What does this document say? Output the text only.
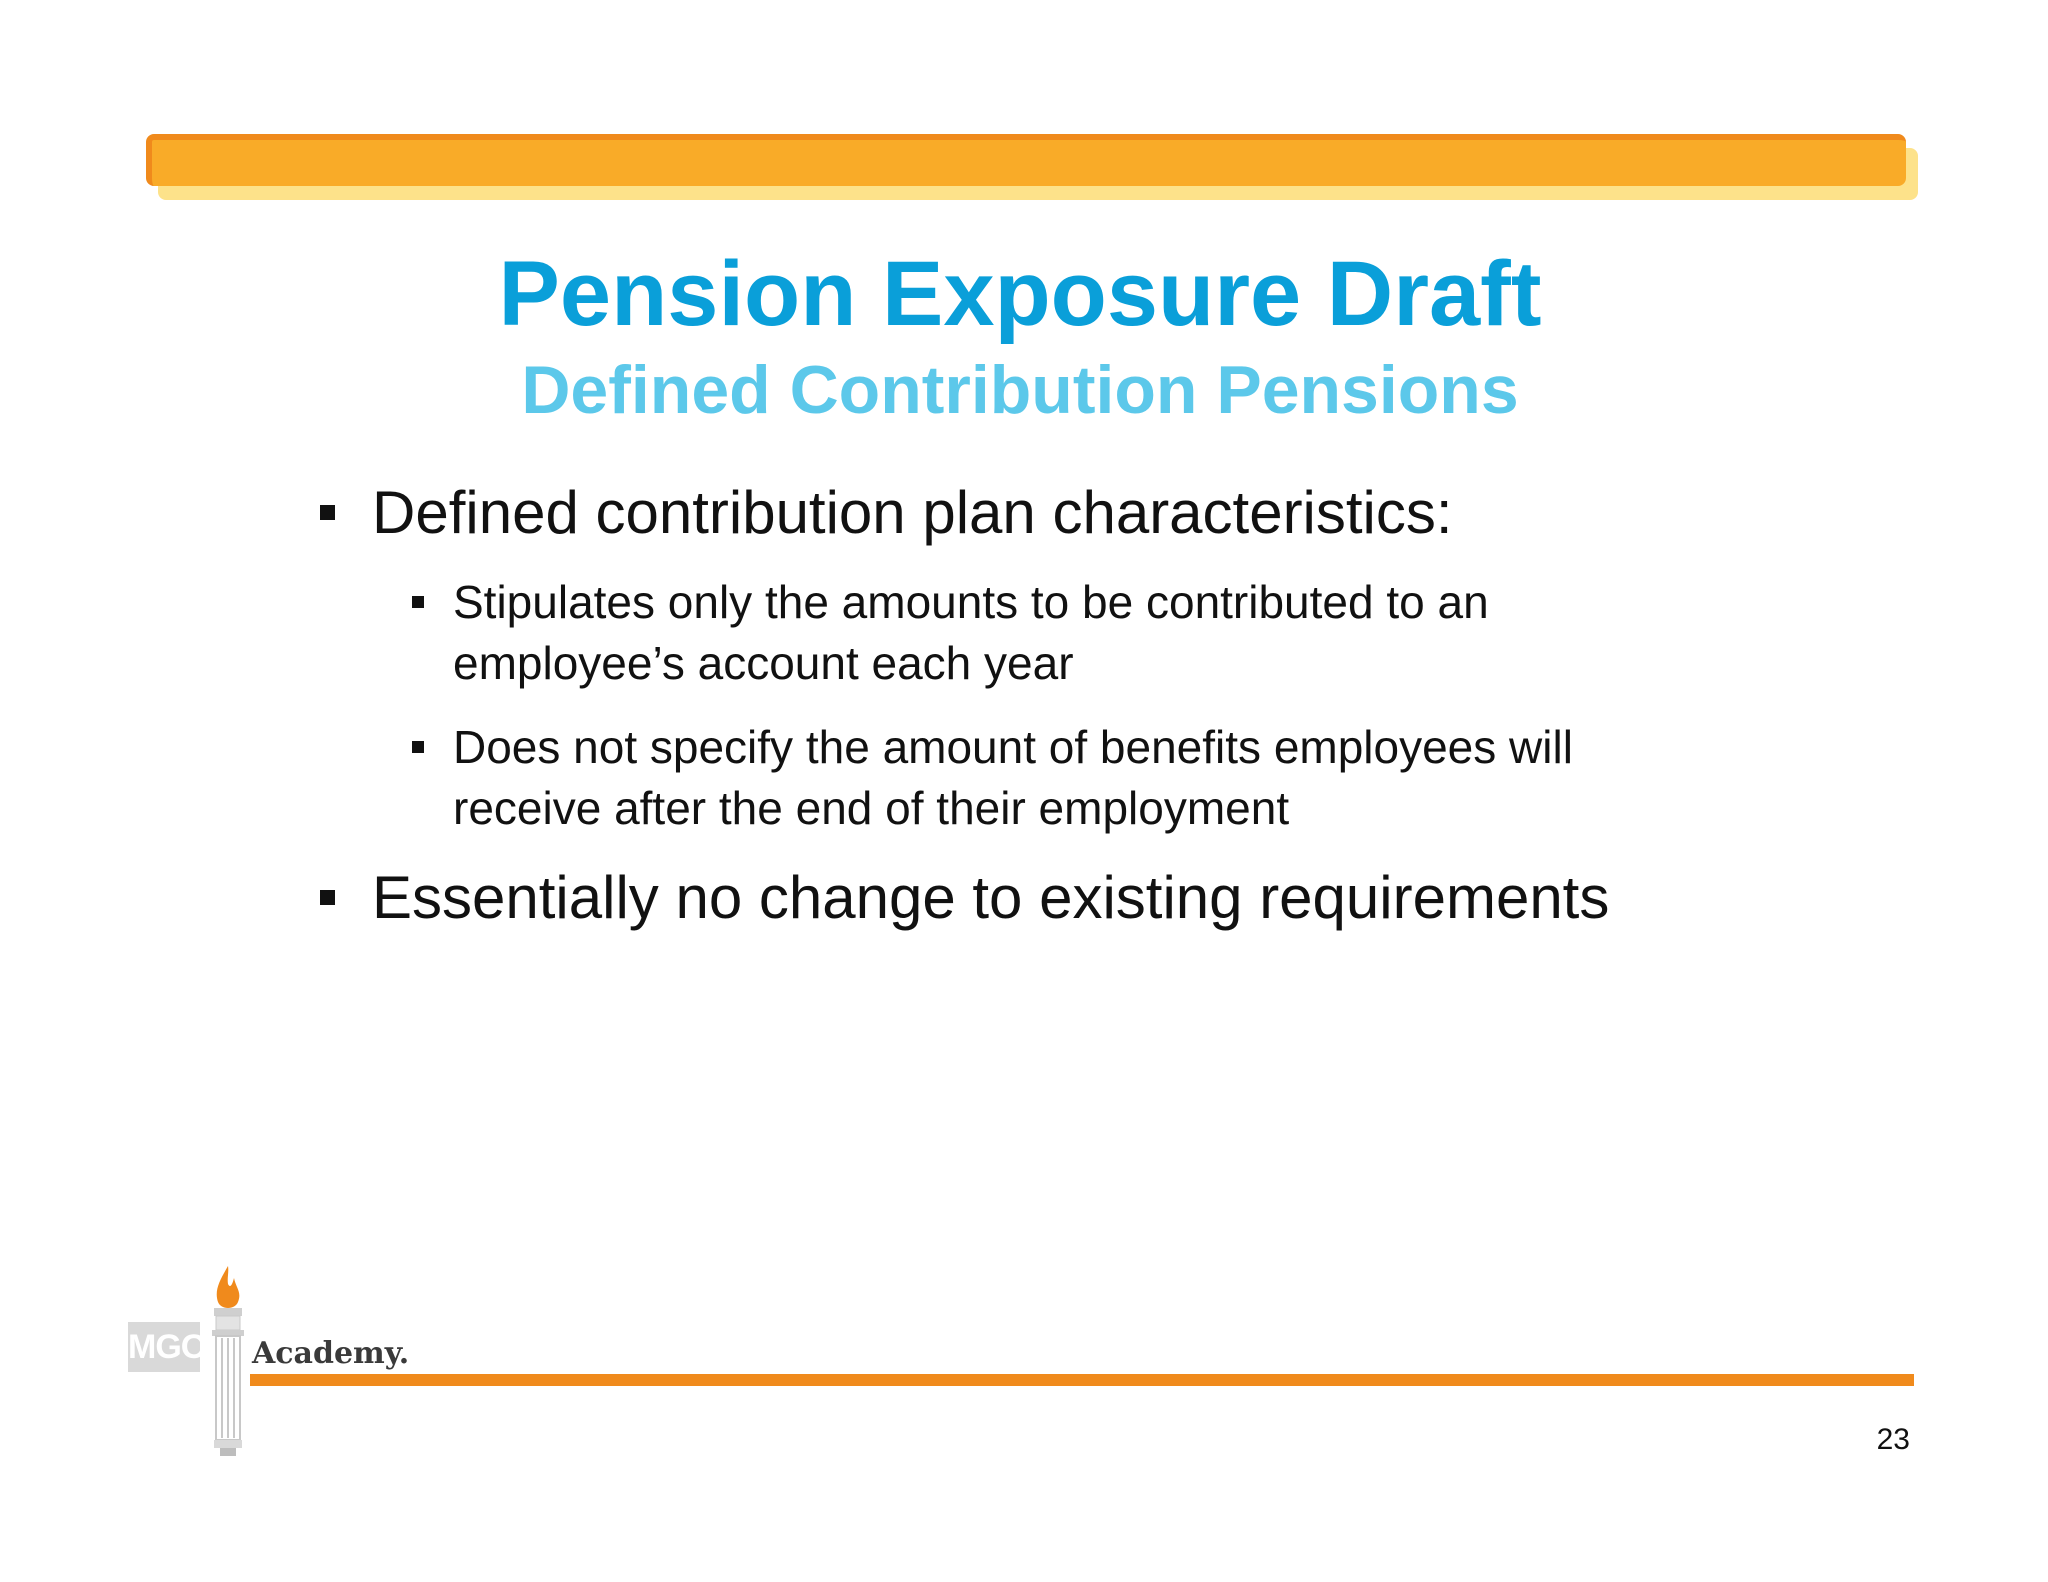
Pension Exposure Draft
Defined Contribution Pensions
Defined contribution plan characteristics:
Stipulates only the amounts to be contributed to an
employee’s account each year
Does not specify the amount of benefits employees will
receive after the end of their employment
Essentially no change to existing requirements
MGO Academy.
23
